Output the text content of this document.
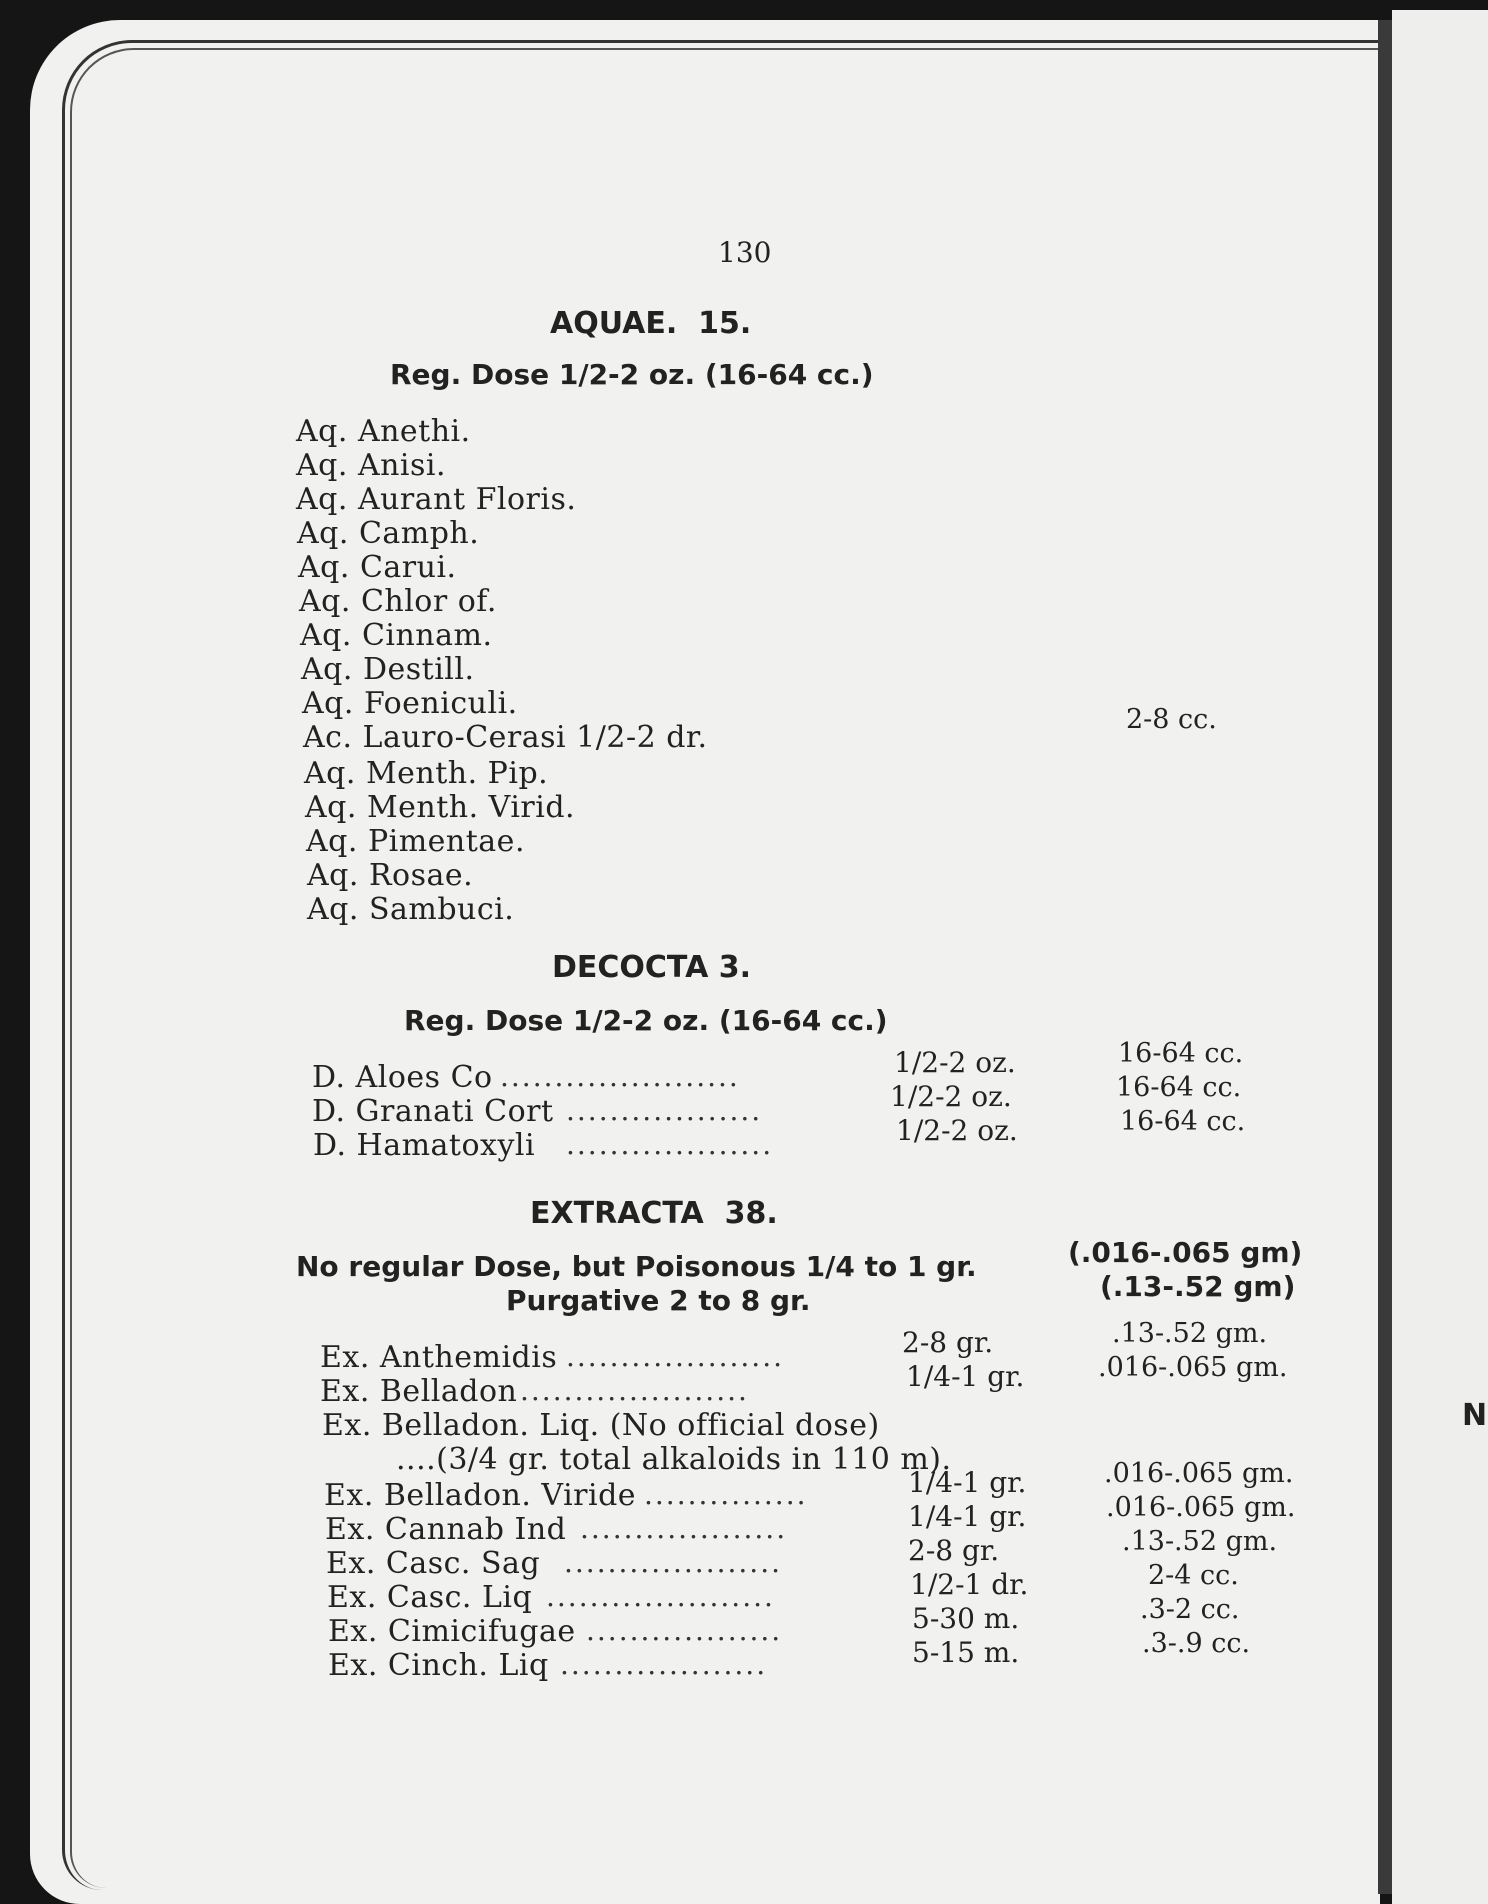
N
130
AQUAE. 15.
Reg. Dose 1/2-2 oz. (16-64 cc.)
Aq. Anethi.
Aq. Anisi.
Aq. Aurant Floris.
Aq. Camph.
Aq. Carui.
Aq. Chlor of.
Aq. Cinnam.
Aq. Destill.
Aq. Foeniculi.
Ac. Lauro-Cerasi 1/2-2 dr.
Aq. Menth. Pip.
Aq. Menth. Virid.
Aq. Pimentae.
Aq. Rosae.
Aq. Sambuci.
2-8 cc.
DECOCTA 3.
Reg. Dose 1/2-2 oz. (16-64 cc.)
D. Aloes Co ......................	1/2-2 oz.	16-64 cc.
D. Granati Cort ..................	1/2-2 oz.	16-64 cc.
D. Hamatoxyli ...................	1/2-2 oz.	16-64 cc.
EXTRACTA 38.
No regular Dose, but Poisonous 1/4 to 1 gr.	(.016-.065 gm)
Purgative 2 to 8 gr.	(.13-.52 gm)
Ex. Anthemidis ....................	2-8 gr.	.13-.52 gm.
Ex. Belladon .....................	1/4-1 gr.	.016-.065 gm.
Ex. Belladon. Liq. (No official dose)
....(3/4 gr. total alkaloids in 110 m).
Ex. Belladon. Viride ...............	1/4-1 gr.	.016-.065 gm.
Ex. Cannab Ind ...................	1/4-1 gr.	.016-.065 gm.
Ex. Casc. Sag ....................	2-8 gr.	.13-.52 gm.
Ex. Casc. Liq .....................	1/2-1 dr.	2-4 cc.
Ex. Cimicifugae ..................	5-30 m.	.3-2 cc.
Ex. Cinch. Liq ...................	5-15 m.	.3-.9 cc.
